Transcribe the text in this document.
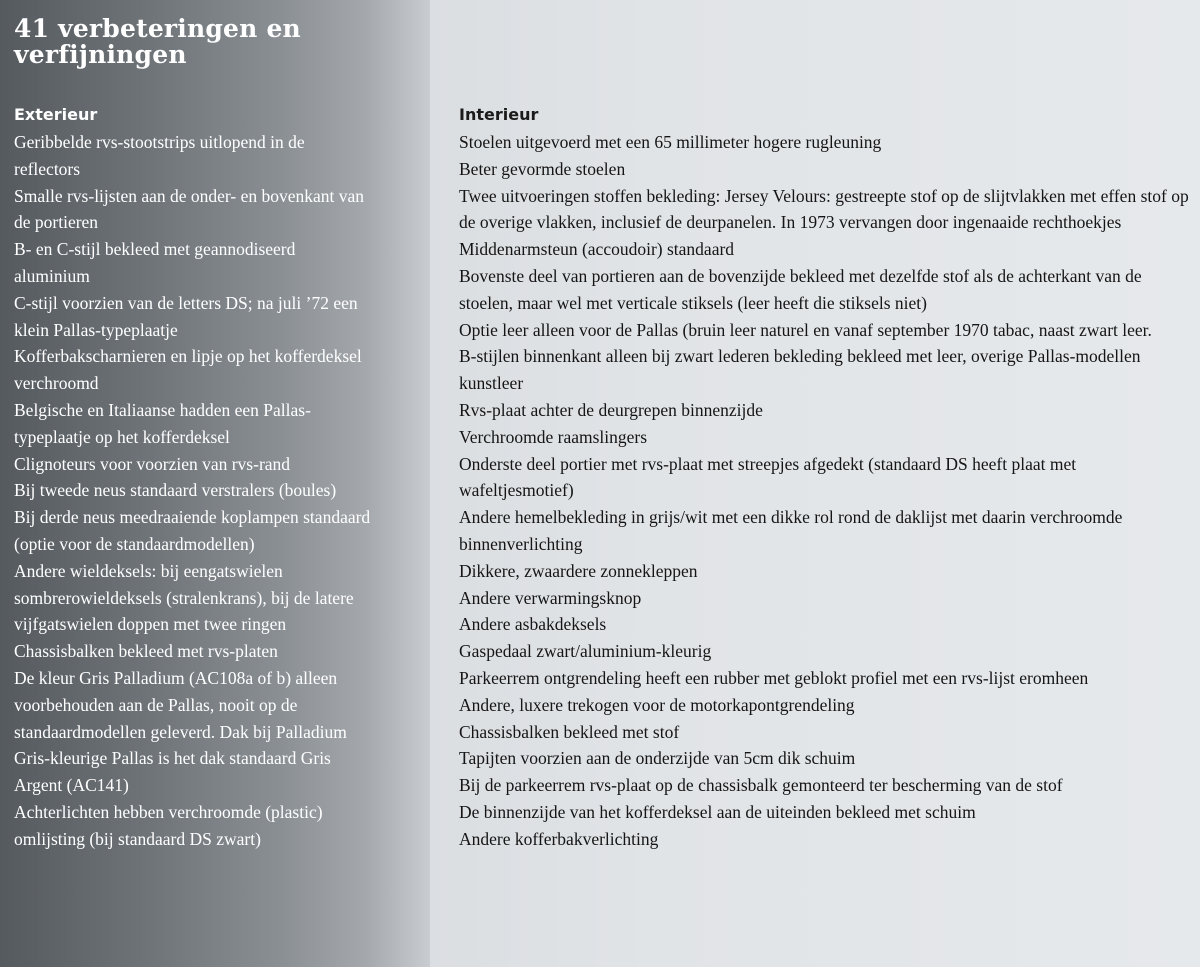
41 verbeteringen en verfijningen
Exterieur
Geribbelde rvs-stootstrips uitlopend in de reflectors
Smalle rvs-lijsten aan de onder- en bovenkant van de portieren
B- en C-stijl bekleed met geannodiseerd aluminium
C-stijl voorzien van de letters DS; na juli ’72 een klein Pallas-typeplaatje
Kofferbakscharnieren en lipje op het kofferdeksel verchroomd
Belgische en Italiaanse hadden een Pallas-typeplaatje op het kofferdeksel
Clignoteurs voor voorzien van rvs-rand
Bij tweede neus standaard verstralers (boules)
Bij derde neus meedraaiende koplampen standaard (optie voor de standaardmodellen)
Andere wieldeksels: bij eengatswielen sombrerowieldeksels (stralenkrans), bij de latere vijfgatswielen doppen met twee ringen
Chassisbalken bekleed met rvs-platen
De kleur Gris Palladium (AC108a of b) alleen voorbehouden aan de Pallas, nooit op de standaardmodellen geleverd. Dak bij Palladium Gris-kleurige Pallas is het dak standaard Gris Argent (AC141)
Achterlichten hebben verchroomde (plastic) omlijsting (bij standaard DS zwart)
Interieur
Stoelen uitgevoerd met een 65 millimeter hogere rugleuning
Beter gevormde stoelen
Twee uitvoeringen stoffen bekleding: Jersey Velours: gestreepte stof op de slijtvlakken met effen stof op de overige vlakken, inclusief de deurpanelen. In 1973 vervangen door ingenaaide rechthoekjes
Middenarmsteun (accoudoir) standaard
Bovenste deel van portieren aan de bovenzijde bekleed met dezelfde stof als de achterkant van de stoelen, maar wel met verticale stiksels (leer heeft die stiksels niet)
Optie leer alleen voor de Pallas (bruin leer naturel en vanaf september 1970 tabac, naast zwart leer.
B-stijlen binnenkant alleen bij zwart lederen bekleding bekleed met leer, overige Pallas-modellen kunstleer
Rvs-plaat achter de deurgrepen binnenzijde
Verchroomde raamslingers
Onderste deel portier met rvs-plaat met streepjes afgedekt (standaard DS heeft plaat met wafeltjesmotief)
Andere hemelbekleding in grijs/wit met een dikke rol rond de daklijst met daarin verchroomde binnenverlichting
Dikkere, zwaardere zonnekleppen
Andere verwarmingsknop
Andere asbakdeksels
Gaspedaal zwart/aluminium-kleurig
Parkeerrem ontgrendeling heeft een rubber met geblokt profiel met een rvs-lijst eromheen
Andere, luxere trekogen voor de motorkapontgrendeling
Chassisbalken bekleed met stof
Tapijten voorzien aan de onderzijde van 5cm dik schuim
Bij de parkeerrem rvs-plaat op de chassisbalk gemonteerd ter bescherming van de stof
De binnenzijde van het kofferdeksel aan de uiteinden bekleed met schuim
Andere kofferbakverlichting
